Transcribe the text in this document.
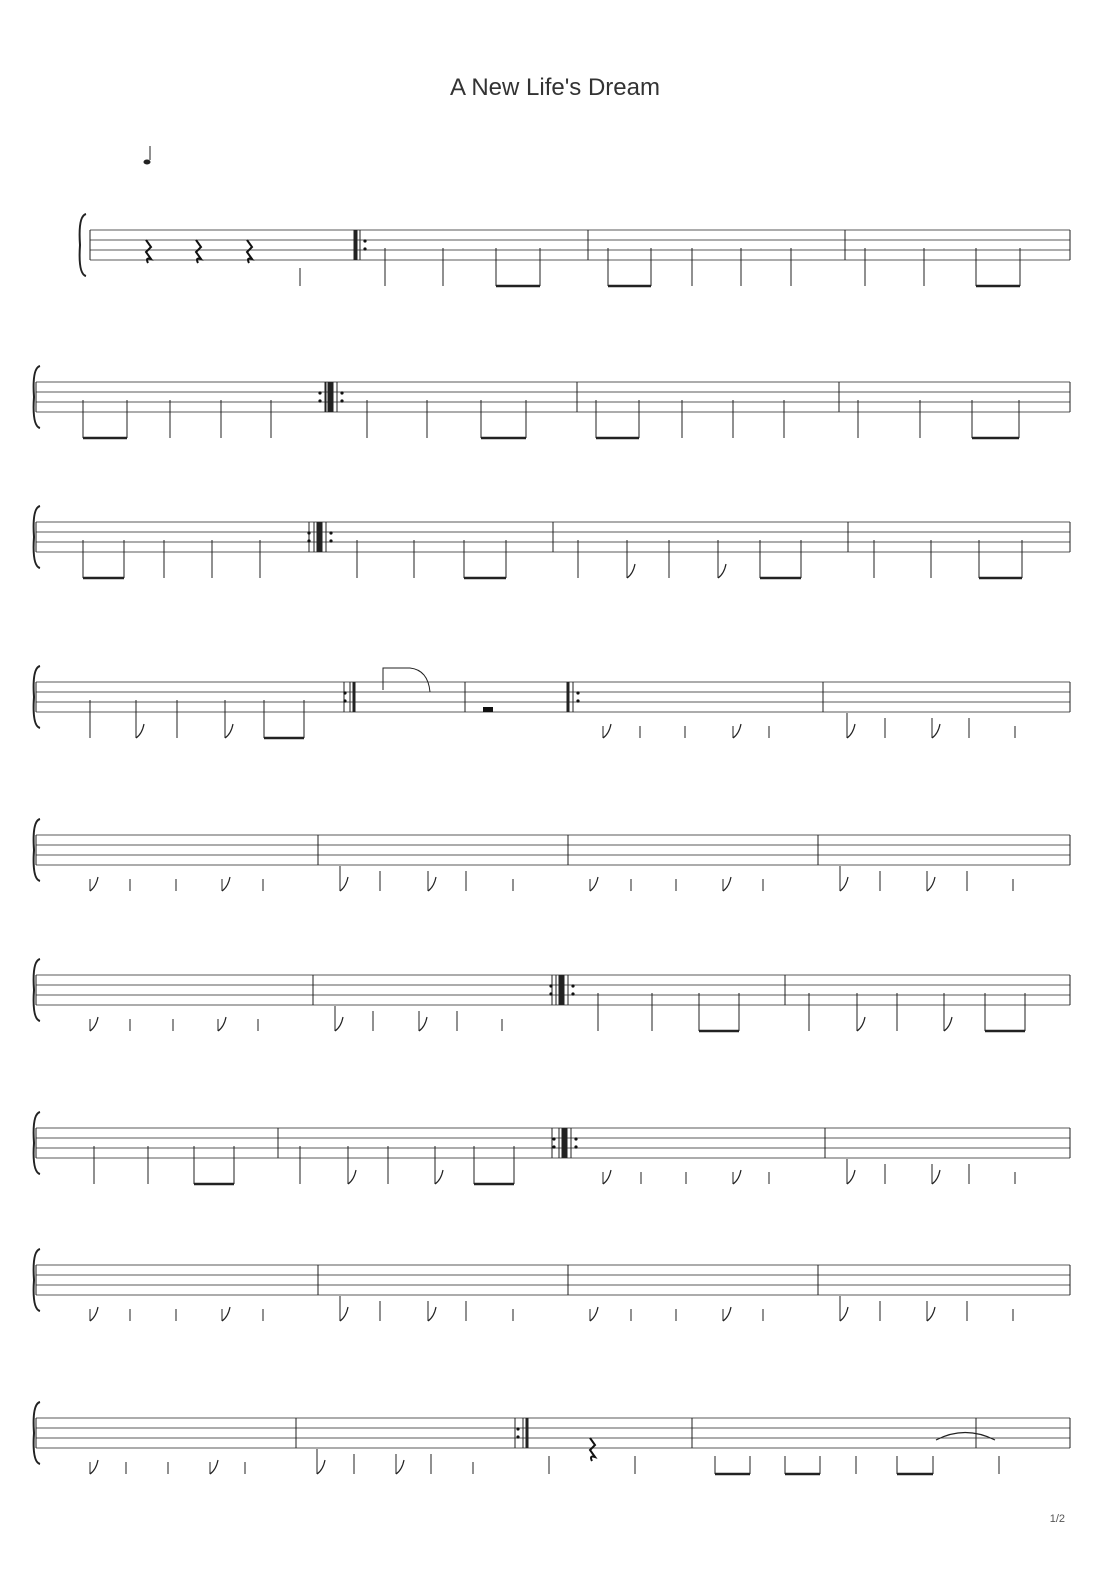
A New Life's Dream
1/2
